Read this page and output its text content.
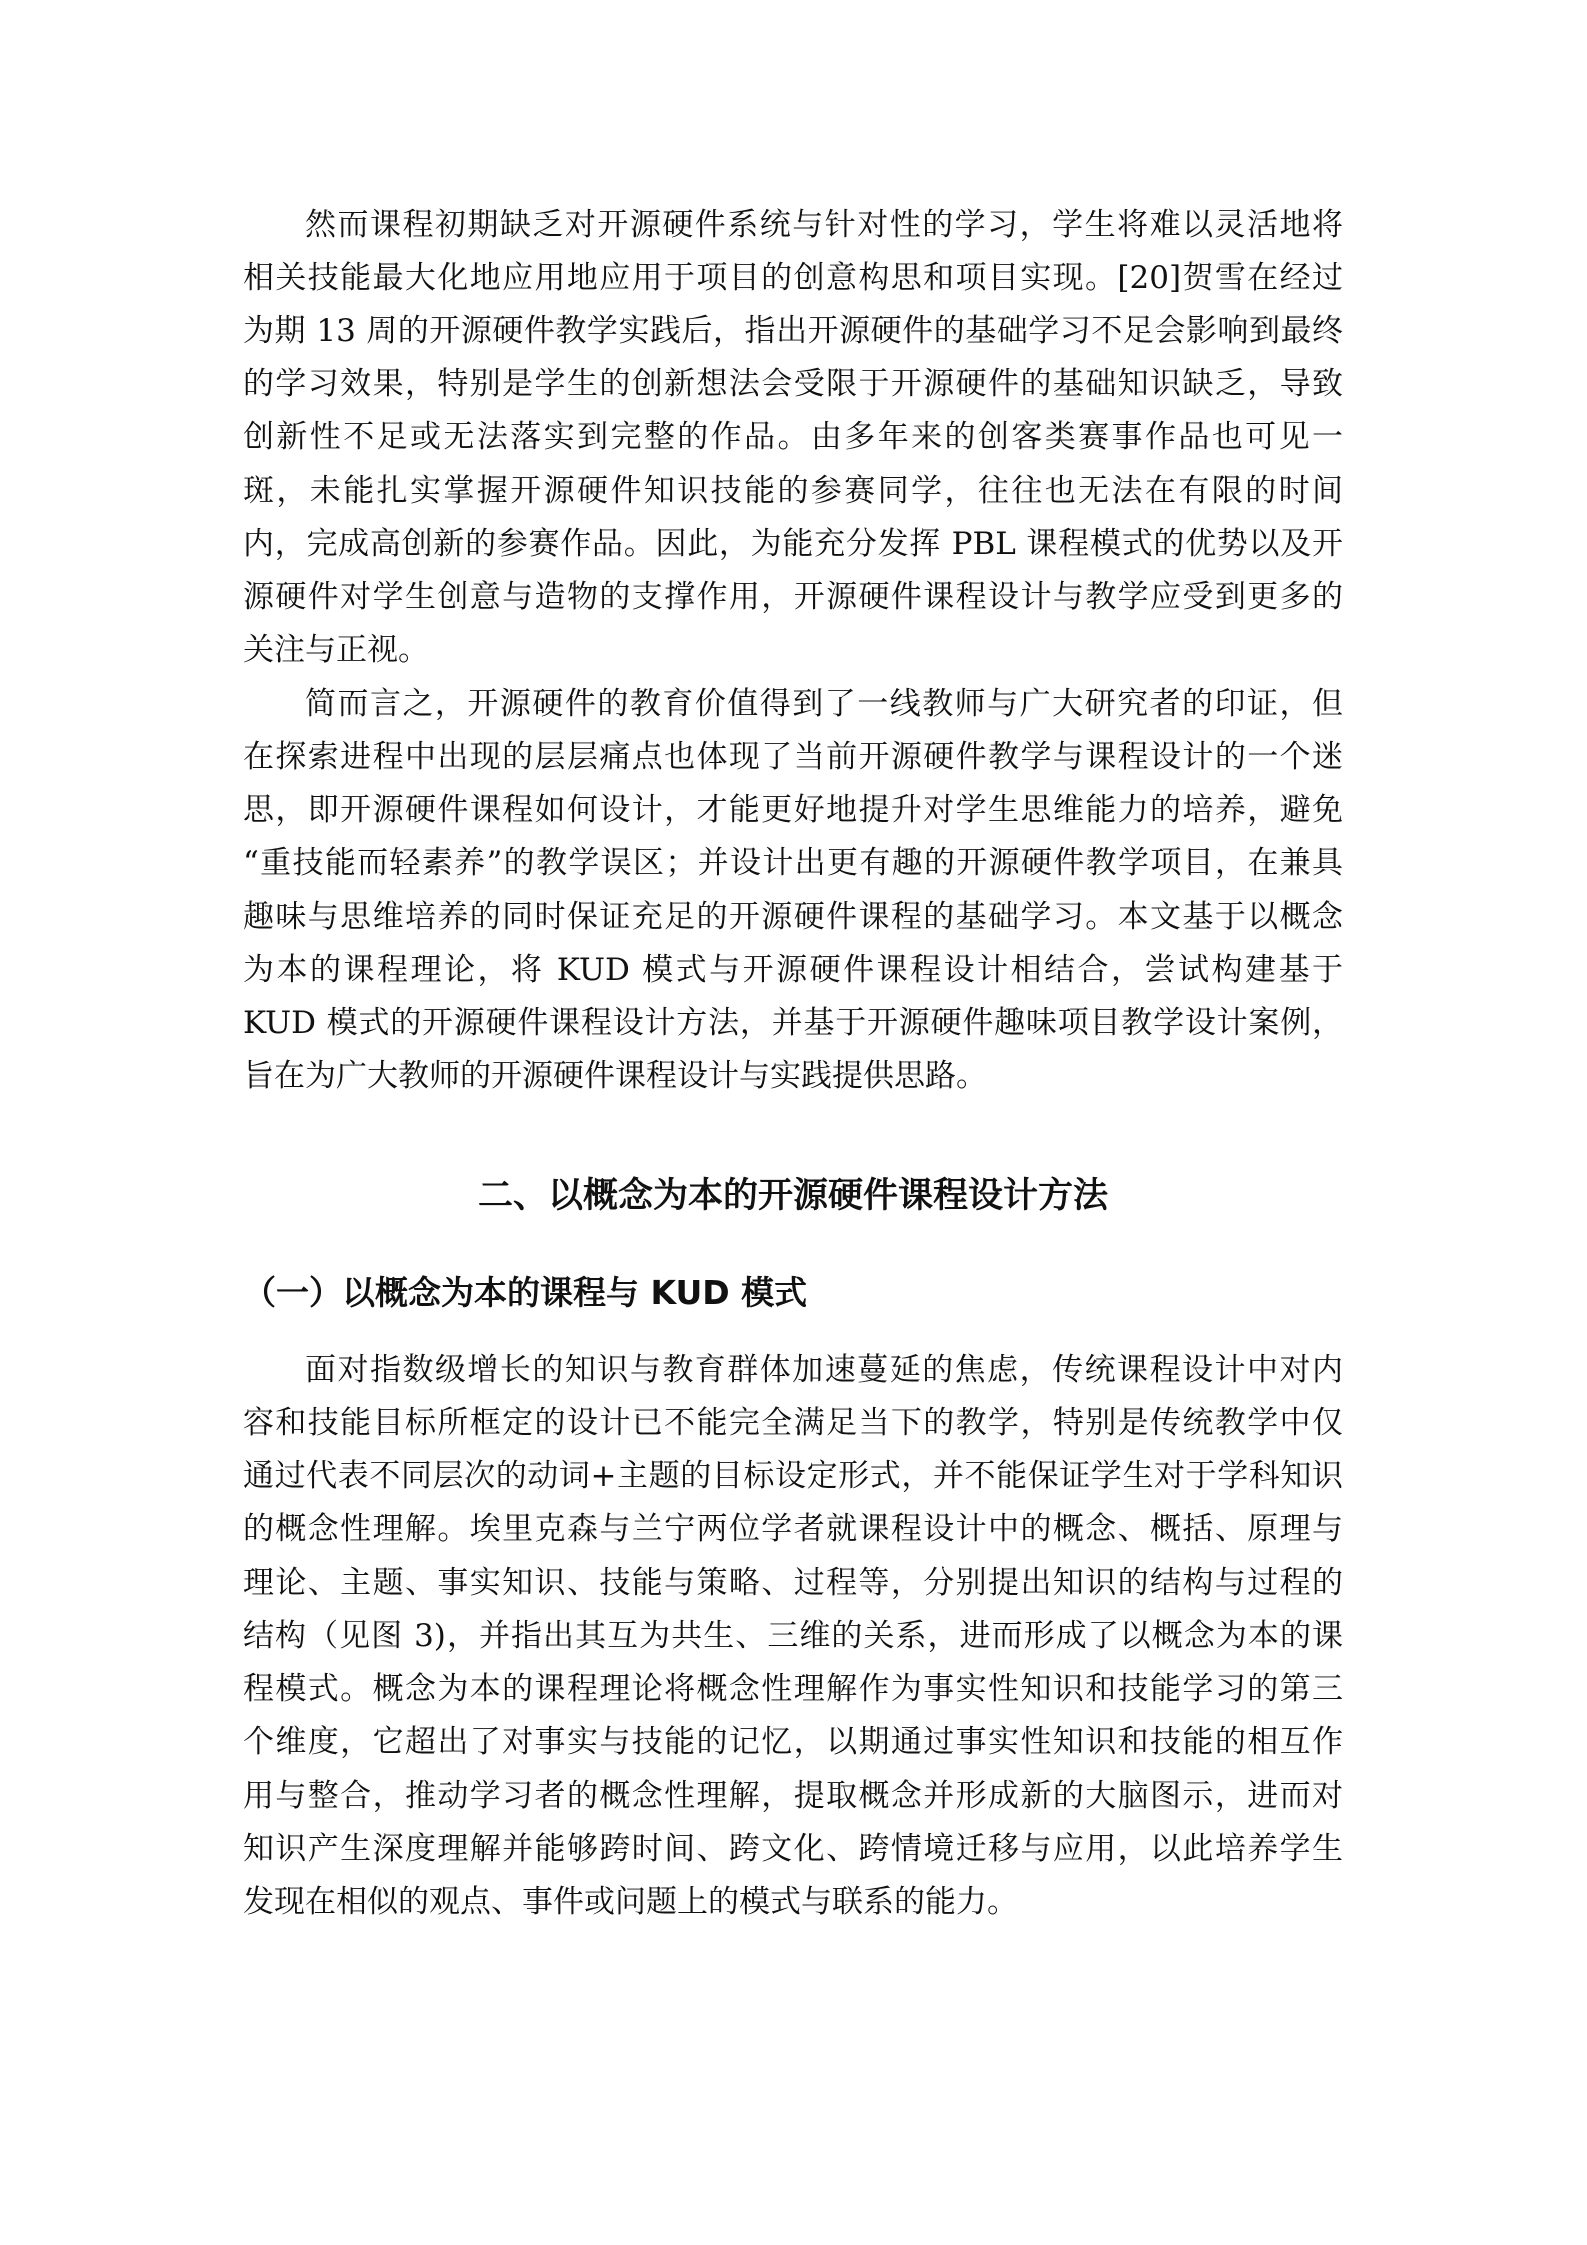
然而课程初期缺乏对开源硬件系统与针对性的学习，学生将难以灵活地将
相关技能最大化地应用地应用于项目的创意构思和项目实现。[20]贺雪在经过
为期 13 周的开源硬件教学实践后，指出开源硬件的基础学习不足会影响到最终
的学习效果，特别是学生的创新想法会受限于开源硬件的基础知识缺乏，导致
创新性不足或无法落实到完整的作品。由多年来的创客类赛事作品也可见一
斑，未能扎实掌握开源硬件知识技能的参赛同学，往往也无法在有限的时间
内，完成高创新的参赛作品。因此，为能充分发挥 PBL 课程模式的优势以及开
源硬件对学生创意与造物的支撑作用，开源硬件课程设计与教学应受到更多的
关注与正视。
简而言之，开源硬件的教育价值得到了一线教师与广大研究者的印证，但
在探索进程中出现的层层痛点也体现了当前开源硬件教学与课程设计的一个迷
思，即开源硬件课程如何设计，才能更好地提升对学生思维能力的培养，避免
“重技能而轻素养”的教学误区；并设计出更有趣的开源硬件教学项目，在兼具
趣味与思维培养的同时保证充足的开源硬件课程的基础学习。本文基于以概念
为本的课程理论，将 KUD 模式与开源硬件课程设计相结合，尝试构建基于
KUD 模式的开源硬件课程设计方法，并基于开源硬件趣味项目教学设计案例，
旨在为广大教师的开源硬件课程设计与实践提供思路。
二、以概念为本的开源硬件课程设计方法
（一）以概念为本的课程与 KUD 模式
面对指数级增长的知识与教育群体加速蔓延的焦虑，传统课程设计中对内
容和技能目标所框定的设计已不能完全满足当下的教学，特别是传统教学中仅
通过代表不同层次的动词+主题的目标设定形式，并不能保证学生对于学科知识
的概念性理解。埃里克森与兰宁两位学者就课程设计中的概念、概括、原理与
理论、主题、事实知识、技能与策略、过程等，分别提出知识的结构与过程的
结构（见图 3)，并指出其互为共生、三维的关系，进而形成了以概念为本的课
程模式。概念为本的课程理论将概念性理解作为事实性知识和技能学习的第三
个维度，它超出了对事实与技能的记忆，以期通过事实性知识和技能的相互作
用与整合，推动学习者的概念性理解，提取概念并形成新的大脑图示，进而对
知识产生深度理解并能够跨时间、跨文化、跨情境迁移与应用，以此培养学生
发现在相似的观点、事件或问题上的模式与联系的能力。
